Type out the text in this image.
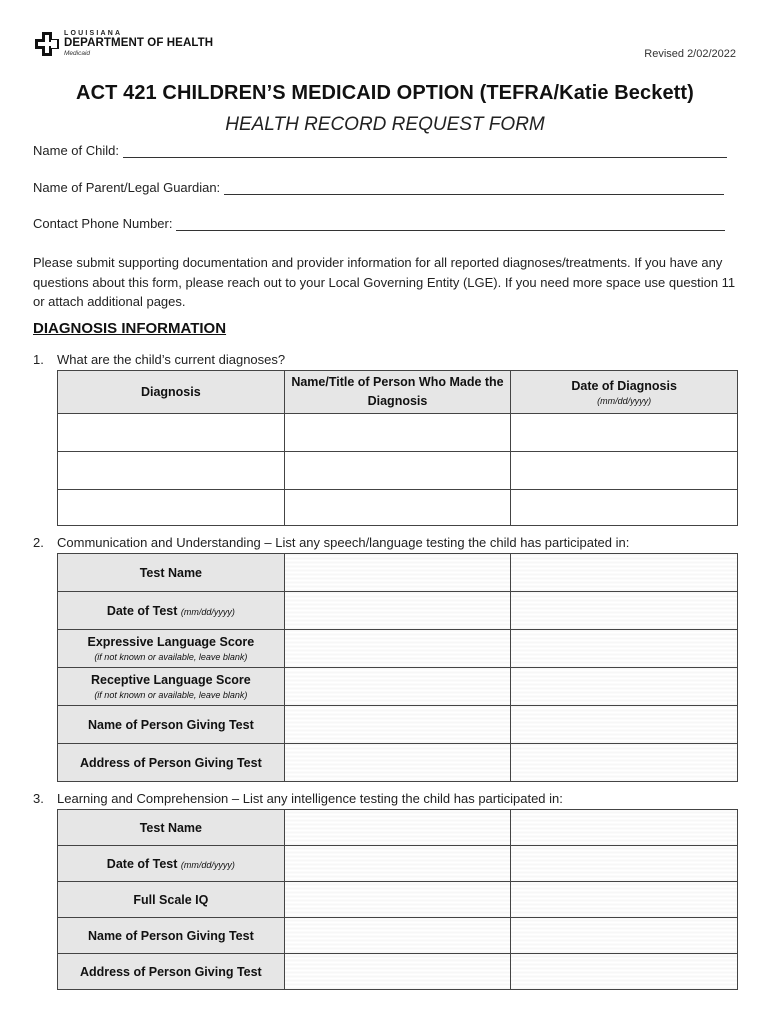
LOUISIANA
DEPARTMENT OF HEALTH
Medicaid	Revised 2/02/2022
ACT 421 CHILDREN’S MEDICAID OPTION (TEFRA/Katie Beckett)
HEALTH RECORD REQUEST FORM
Name of Child:
Name of Parent/Legal Guardian:
Contact Phone Number:
Please submit supporting documentation and provider information for all reported diagnoses/treatments. If you have any questions about this form, please reach out to your Local Governing Entity (LGE). If you need more space use question 11 or attach additional pages.
DIAGNOSIS INFORMATION
1. What are the child’s current diagnoses?
Diagnosis	Name/Title of Person Who Made the Diagnosis	Date of Diagnosis
(mm/dd/yyyy)

2. Communication and Understanding – List any speech/language testing the child has participated in:
Test Name		
Date of Test (mm/dd/yyyy)		
Expressive Language Score
(if not known or available, leave blank)		

Receptive Language Score
(if not known or available, leave blank)		

Name of Person Giving Test		
Address of Person Giving Test		
3. Learning and Comprehension – List any intelligence testing the child has participated in:
Test Name		
Date of Test (mm/dd/yyyy)		
Full Scale IQ		
Name of Person Giving Test		
Address of Person Giving Test		
